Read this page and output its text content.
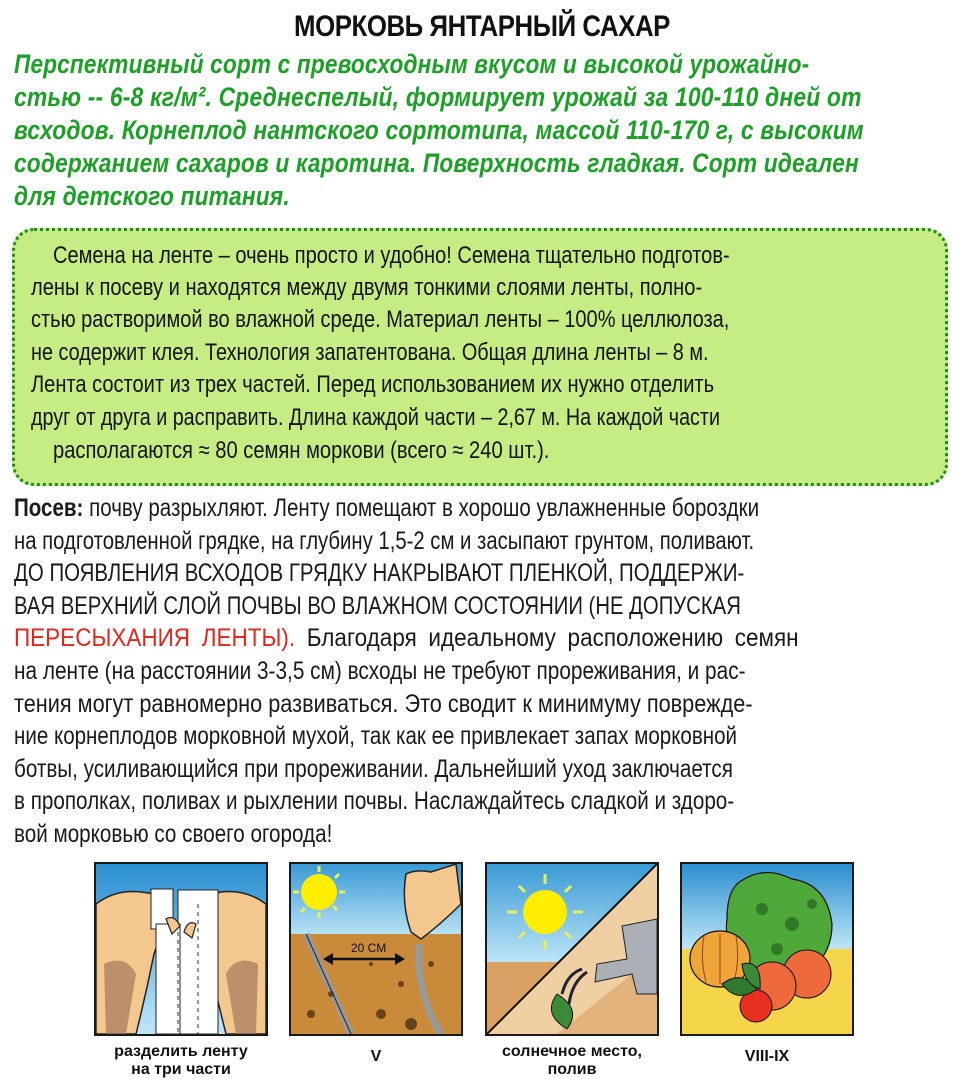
МОРКОВЬ ЯНТАРНЫЙ САХАР
Перспективный сорт с превосходным вкусом и высокой урожайно-
стью -- 6-8 кг/м². Среднеспелый, формирует урожай за 100-110 дней от
всходов. Корнеплод нантского сортотипа, массой 110-170 г, с высоким
содержанием сахаров и каротина. Поверхность гладкая. Сорт идеален
для детского питания.
Семена на ленте – очень просто и удобно! Семена тщательно подготов-
лены к посеву и находятся между двумя тонкими слоями ленты, полно-
стью растворимой во влажной среде. Материал ленты – 100% целлюлоза,
не содержит клея. Технология запатентована. Общая длина ленты – 8 м.
Лента состоит из трех частей. Перед использованием их нужно отделить
друг от друга и расправить. Длина каждой части – 2,67 м. На каждой части
располагаются ≈ 80 семян моркови (всего ≈ 240 шт.).
Посев: почву разрыхляют. Ленту помещают в хорошо увлажненные бороздки
на подготовленной грядке, на глубину 1,5-2 см и засыпают грунтом, поливают.
ДО ПОЯВЛЕНИЯ ВСХОДОВ ГРЯДКУ НАКРЫВАЮТ ПЛЕНКОЙ, ПОДДЕРЖИ-
ВАЯ ВЕРХНИЙ СЛОЙ ПОЧВЫ ВО ВЛАЖНОМ СОСТОЯНИИ (НЕ ДОПУСКАЯ
ПЕРЕСЫХАНИЯ ЛЕНТЫ). Благодаря идеальному расположению семян
на ленте (на расстоянии 3-3,5 см) всходы не требуют прореживания, и рас-
тения могут равномерно развиваться. Это сводит к минимуму поврежде-
ние корнеплодов морковной мухой, так как ее привлекает запах морковной
ботвы, усиливающийся при прореживании. Дальнейший уход заключается
в прополках, поливах и рыхлении почвы. Наслаждайтесь сладкой и здоро-
вой морковью со своего огорода!
20 СМ
разделить ленту
на три части
V	солнечное место,
полив
VIII-IX
